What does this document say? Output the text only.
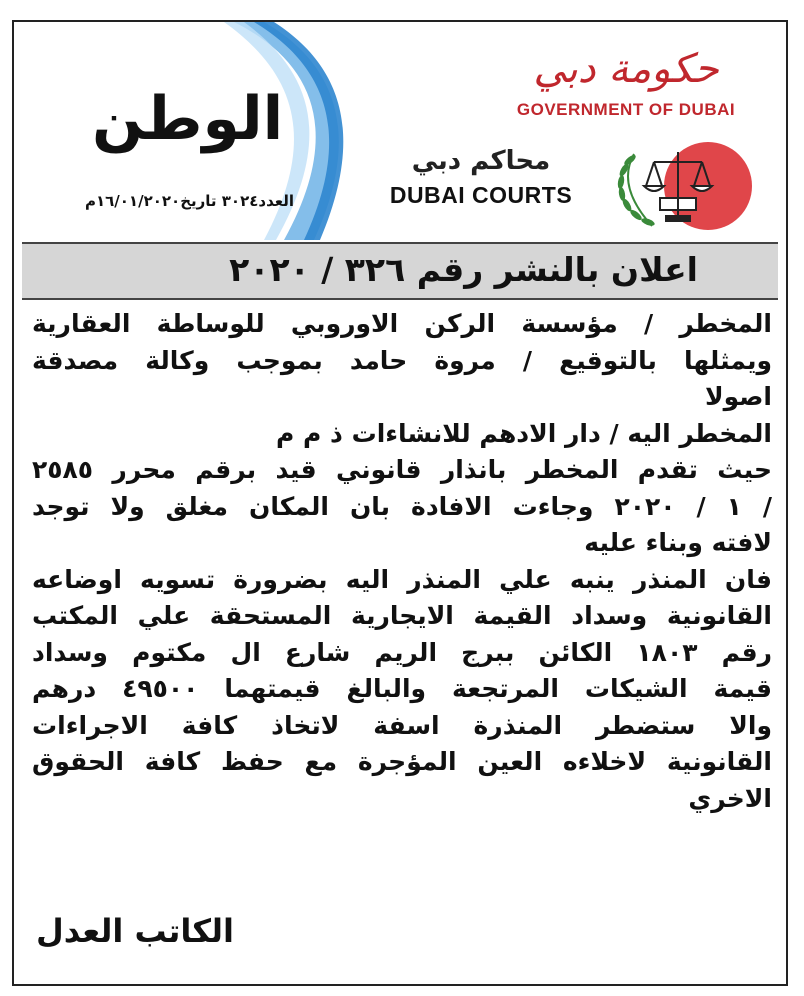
حكومة دبي
GOVERNMENT OF DUBAI
محاكم دبي
DUBAI COURTS
الوطن
العدد٣٠٢٤ تاريخ١٦/٠١/٢٠٢٠م
اعلان بالنشر رقم ٣٢٦ / ٢٠٢٠
المخطر / مؤسسة الركن الاوروبي للوساطة العقارية
ويمثلها بالتوقيع / مروة حامد بموجب وكالة مصدقة
اصولا
المخطر اليه / دار الادهم للانشاءات ذ م م
حيث تقدم المخطر بانذار قانوني قيد برقم محرر ٢٥٨٥
/ ١ / ٢٠٢٠ وجاءت الافادة بان المكان مغلق ولا توجد
لافته وبناء عليه
فان المنذر ينبه علي المنذر اليه بضرورة تسويه اوضاعه
القانونية وسداد القيمة الايجارية المستحقة علي المكتب
رقم ١٨٠٣ الكائن ببرج الريم شارع ال مكتوم وسداد
قيمة الشيكات المرتجعة والبالغ قيمتهما ٤٩٥٠٠ درهم
والا ستضطر المنذرة اسفة لاتخاذ كافة الاجراءات
القانونية لاخلاءه العين المؤجرة مع حفظ كافة الحقوق
الاخري
الكاتب العدل
